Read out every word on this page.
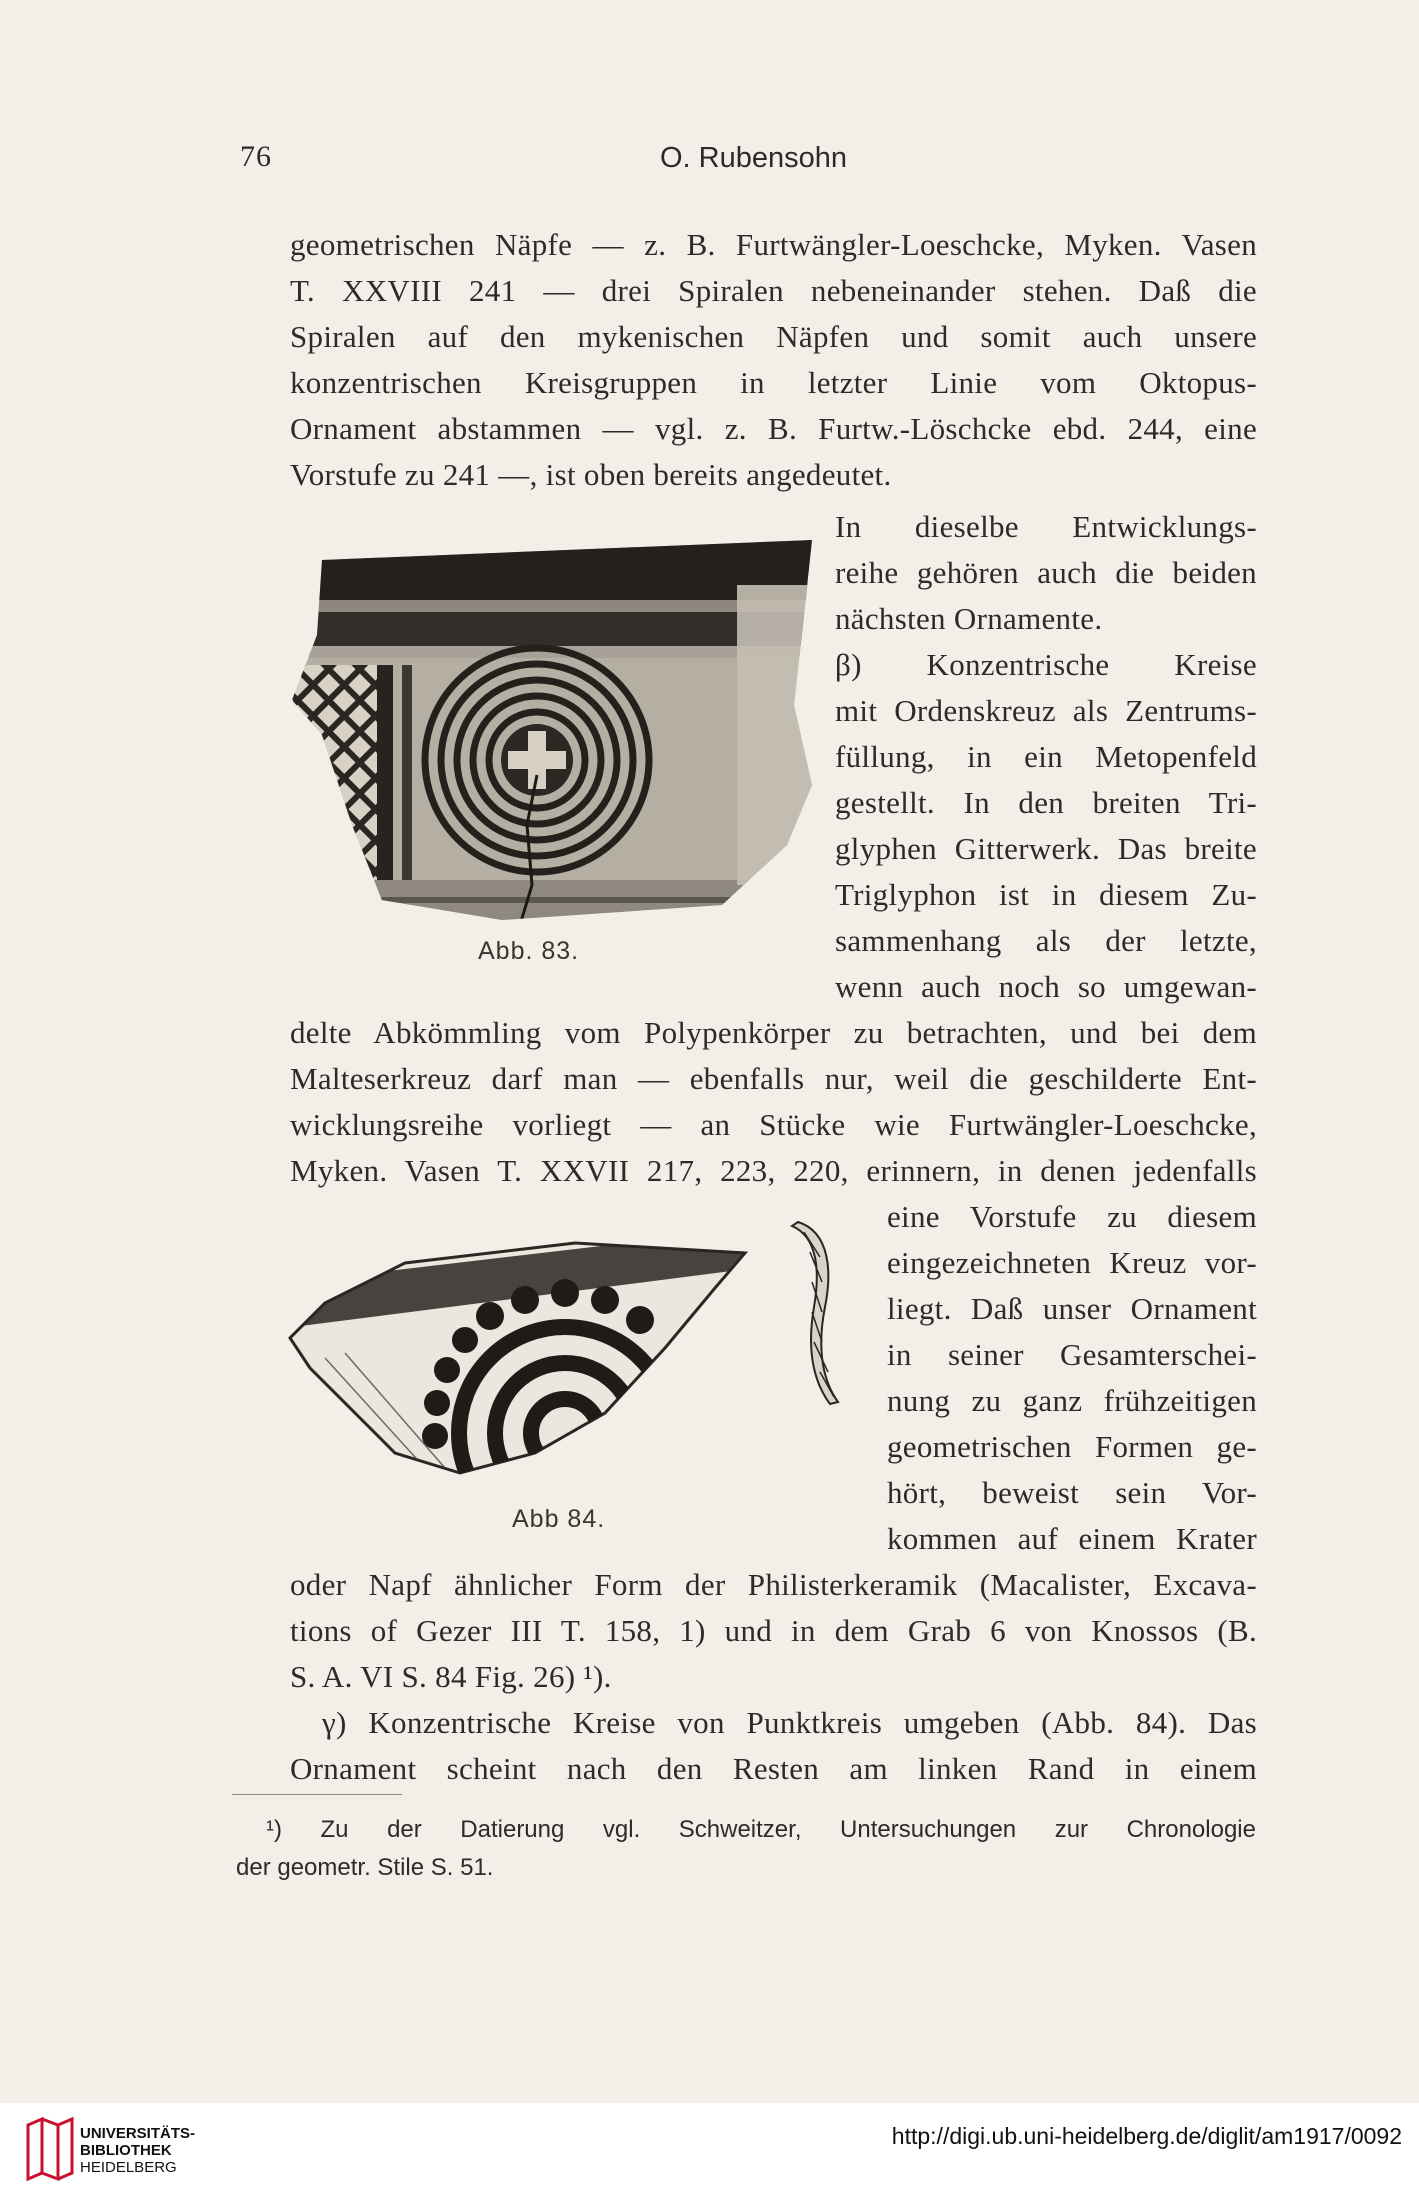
76	O. Rubensohn
geometrischen Näpfe — z. B. Furtwängler-Loeschcke, Myken. Vasen
T. XXVIII 241 — drei Spiralen nebeneinander stehen. Daß die
Spiralen auf den mykenischen Näpfen und somit auch unsere
konzentrischen Kreisgruppen in letzter Linie vom Oktopus-
Ornament abstammen — vgl. z. B. Furtw.-Löschcke ebd. 244, eine
Vorstufe zu 241 —, ist oben bereits angedeutet.
Abb. 83.
In dieselbe Entwicklungs-
reihe gehören auch die beiden
nächsten Ornamente.
β) Konzentrische Kreise
mit Ordenskreuz als Zentrums-
füllung, in ein Metopenfeld
gestellt. In den breiten Tri-
glyphen Gitterwerk. Das breite
Triglyphon ist in diesem Zu-
sammenhang als der letzte,
wenn auch noch so umgewan-
delte Abkömmling vom Polypenkörper zu betrachten, und bei dem
Malteserkreuz darf man — ebenfalls nur, weil die geschilderte Ent-
wicklungsreihe vorliegt — an Stücke wie Furtwängler-Loeschcke,
Myken. Vasen T. XXVII 217, 223, 220, erinnern, in denen jedenfalls
Abb 84.
eine Vorstufe zu diesem
eingezeichneten Kreuz vor-
liegt. Daß unser Ornament
in seiner Gesamterschei-
nung zu ganz frühzeitigen
geometrischen Formen ge-
hört, beweist sein Vor-
kommen auf einem Krater
oder Napf ähnlicher Form der Philisterkeramik (Macalister, Excava-
tions of Gezer III T. 158, 1) und in dem Grab 6 von Knossos (B.
S. A. VI S. 84 Fig. 26) ¹).
γ) Konzentrische Kreise von Punktkreis umgeben (Abb. 84). Das
Ornament scheint nach den Resten am linken Rand in einem
¹) Zu der Datierung vgl. Schweitzer, Untersuchungen zur Chronologie
der geometr. Stile S. 51.
UNIVERSITÄTS-
BIBLIOTHEK
HEIDELBERG
http://digi.ub.uni-heidelberg.de/diglit/am1917/0092
